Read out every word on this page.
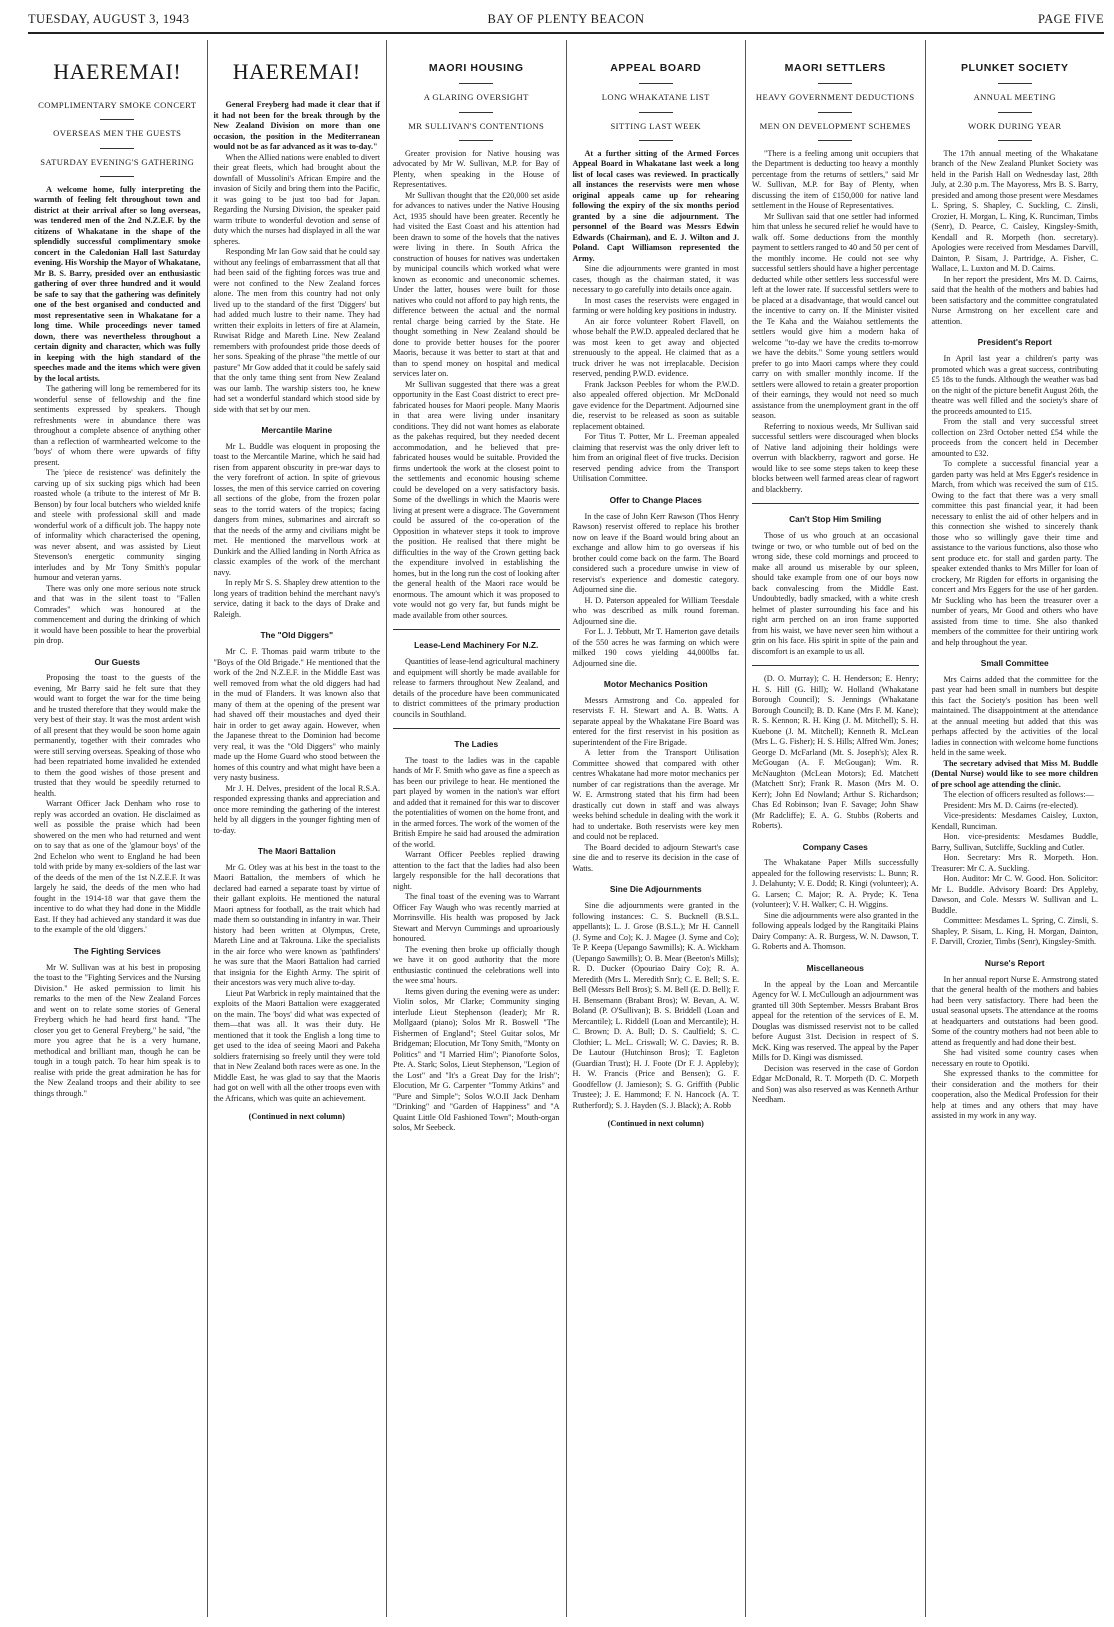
TUESDAY, AUGUST 3, 1943	BAY OF PLENTY BEACON	PAGE FIVE
HAEREMAI!
COMPLIMENTARY SMOKE CONCERT
OVERSEAS MEN THE GUESTS
SATURDAY EVENING'S GATHERING

A welcome home, fully interpreting the warmth of feeling felt throughout town and district at their arrival after so long overseas, was tendered men of the 2nd N.Z.E.F. by the citizens of Whakatane in the shape of the splendidly successful complimentary smoke concert in the Caledonian Hall last Saturday evening. His Worship the Mayor of Whakatane, Mr B. S. Barry, presided over an enthusiastic gathering of over three hundred and it would be safe to say that the gathering was definitely one of the best organised and conducted and most representative seen in Whakatane for a long time. While proceedings never tamed down, there was nevertheless throughout a certain dignity and character, which was fully in keeping with the high standard of the speeches made and the items which were given by the local artists.

The gathering will long be remembered for its wonderful sense of fellowship and the fine sentiments expressed by speakers. Though refreshments were in abundance there was throughout a complete absence of anything other than a reflection of warmhearted welcome to the 'boys' of whom there were upwards of fifty present.

The 'piece de resistence' was definitely the carving up of six sucking pigs which had been roasted whole (a tribute to the interest of Mr B. Benson) by four local butchers who wielded knife and steele with professional skill and made wonderful work of a difficult job. The happy note of informality which characterised the opening, was never absent, and was assisted by Lieut Stevenson's energetic community singing interludes and by Mr Tony Smith's popular humour and veteran yarns.

There was only one more serious note struck and that was in the silent toast to "Fallen Comrades" which was honoured at the commencement and during the drinking of which it would have been possible to hear the proverbial pin drop.

Our Guests

Proposing the toast to the guests of the evening, Mr Barry said he felt sure that they would want to forget the war for the time being and he trusted therefore that they would make the very best of their stay. It was the most ardent wish of all present that they would be soon home again permanently, together with their comrades who were still serving overseas. Speaking of those who had been repatriated home invalided he extended to them the good wishes of those present and trusted that they would be speedily returned to health.

Warrant Officer Jack Denham who rose to reply was accorded an ovation. He disclaimed as well as possible the praise which had been showered on the men who had returned and went on to say that as one of the 'glamour boys' of the 2nd Echelon who went to England he had been told with pride by many ex-soldiers of the last war of the deeds of the men of the 1st N.Z.E.F. It was largely he said, the deeds of the men who had fought in the 1914-18 war that gave them the incentive to do what they had done in the Middle East. If they had achieved any standard it was due to the example of the old 'diggers.'

The Fighting Services

Mr W. Sullivan was at his best in proposing the toast to the "Fighting Services and the Nursing Division." He asked permission to limit his remarks to the men of the New Zealand Forces and went on to relate some stories of General Freyberg which he had heard first hand. "The closer you get to General Freyberg," he said, "the more you agree that he is a very humane, methodical and brilliant man, though he can be tough in a tough patch. To hear him speak is to realise with pride the great admiration he has for the New Zealand troops and their ability to see things through."

HAEREMAI!

General Freyberg had made it clear that if it had not been for the break through by the New Zealand Division on more than one occasion, the position in the Mediterranean would not be as far advanced as it was to-day."

When the Allied nations were enabled to divert their great fleets, which had brought about the downfall of Mussolini's African Empire and the invasion of Sicily and bring them into the Pacific, it was going to be just too bad for Japan. Regarding the Nursing Division, the speaker paid warm tribute to wonderful devotion and sense of duty which the nurses had displayed in all the war spheres.

Responding Mr Ian Gow said that he could say without any feelings of embarrassment that all that had been said of the fighting forces was true and were not confined to the New Zealand forces alone. The men from this country had not only lived up to the standard of the first 'Diggers' but had added much lustre to their name. They had written their exploits in letters of fire at Alamein, Ruwisat Ridge and Mareth Line. New Zealand remembers with profoundest pride those deeds of her sons. Speaking of the phrase "the mettle of our pasture" Mr Gow added that it could be safely said that the only tame thing sent from New Zealand was our lamb. The warship sisters too, he knew had set a wonderful standard which stood side by side with that set by our men.

Mercantile Marine

Mr L. Buddle was eloquent in proposing the toast to the Mercantile Marine, which he said had risen from apparent obscurity in pre-war days to the very forefront of action. In spite of grievous losses, the men of this service carried on covering all sections of the globe, from the frozen polar seas to the torrid waters of the tropics; facing dangers from mines, submarines and aircraft so that the needs of the army and civilians might be met. He mentioned the marvellous work at Dunkirk and the Allied landing in North Africa as classic examples of the work of the merchant navy.

In reply Mr S. S. Shapley drew attention to the long years of tradition behind the merchant navy's service, dating it back to the days of Drake and Raleigh.

The "Old Diggers"

Mr C. F. Thomas paid warm tribute to the "Boys of the Old Brigade." He mentioned that the work of the 2nd N.Z.E.F. in the Middle East was well removed from what the old diggers had had in the mud of Flanders. It was known also that many of them at the opening of the present war had shaved off their moustaches and dyed their hair in order to get away again. However, when the Japanese threat to the Dominion had become very real, it was the "Old Diggers" who mainly made up the Home Guard who stood between the homes of this country and what might have been a very nasty business.

Mr J. H. Delves, president of the local R.S.A. responded expressing thanks and appreciation and once more reminding the gathering of the interest held by all diggers in the younger fighting men of to-day.

The Maori Battalion

Mr G. Otley was at his best in the toast to the Maori Battalion, the members of which he declared had earned a separate toast by virtue of their gallant exploits. He mentioned the natural Maori aptness for football, as the trait which had made them so outstanding in infantry in war. Their history had been written at Olympus, Crete, Mareth Line and at Takrouna. Like the specialists in the air force who were known as 'pathfinders' he was sure that the Maori Battalion had carried that insignia for the Eighth Army. The spirit of their ancestors was very much alive to-day.

Lieut Pat Warbrick in reply maintained that the exploits of the Maori Battalion were exaggerated on the main. The 'boys' did what was expected of them—that was all. It was their duty. He mentioned that it took the English a long time to get used to the idea of seeing Maori and Pakeha soldiers fraternising so freely until they were told that in New Zealand both races were as one. In the Middle East, he was glad to say that the Maoris had got on well with all the other troops even with the Africans, which was quite an achievement.

(Continued in next column)
MAORI HOUSING
A GLARING OVERSIGHT
MR SULLIVAN'S CONTENTIONS

Greater provision for Native housing was advocated by Mr W. Sullivan, M.P. for Bay of Plenty, when speaking in the House of Representatives.

Mr Sullivan thought that the £20,000 set aside for advances to natives under the Native Housing Act, 1935 should have been greater. Recently he had visited the East Coast and his attention had been drawn to some of the hovels that the natives were living in there. In South Africa the construction of houses for natives was undertaken by municipal councils which worked what were known as economic and uneconomic schemes. Under the latter, houses were built for those natives who could not afford to pay high rents, the difference between the actual and the normal rental charge being carried by the State. He thought something in New Zealand should be done to provide better houses for the poorer Maoris, because it was better to start at that and than to spend money on hospital and medical services later on.

Mr Sullivan suggested that there was a great opportunity in the East Coast district to erect pre-fabricated houses for Maori people. Many Maoris in that area were living under insanitary conditions. They did not want homes as elaborate as the pakehas required, but they needed decent accommodation, and he believed that pre-fabricated houses would be suitable. Provided the firms undertook the work at the closest point to the settlements and economic housing scheme could be developed on a very satisfactory basis. Some of the dwellings in which the Maoris were living at present were a disgrace. The Government could be assured of the co-operation of the Opposition in whatever steps it took to improve the position. He realised that there might be difficulties in the way of the Crown getting back the expenditure involved in establishing the homes, but in the long run the cost of looking after the general health of the Maori race would be enormous. The amount which it was proposed to vote would not go very far, but funds might be made available from other sources.

Lease-Lend Machinery For N.Z.

Quantities of lease-lend agricultural machinery and equipment will shortly be made available for release to farmers throughout New Zealand, and details of the procedure have been communicated to district committees of the primary production councils in Southland.

The Ladies

The toast to the ladies was in the capable hands of Mr F. Smith who gave as fine a speech as has been our privilege to hear. He mentioned the part played by women in the nation's war effort and added that it remained for this war to discover the potentialities of women on the home front, and in the armed forces. The work of the women of the British Empire he said had aroused the admiration of the world.

Warrant Officer Peebles replied drawing attention to the fact that the ladies had also been largely responsible for the hall decorations that night.

The final toast of the evening was to Warrant Officer Fay Waugh who was recently married at Morrinsville. His health was proposed by Jack Stewart and Mervyn Cummings and uproariously honoured.

The evening then broke up officially though we have it on good authority that the more enthusiastic continued the celebrations well into the wee sma' hours.

Items given during the evening were as under: Violin solos, Mr Clarke; Community singing interlude Lieut Stephenson (leader); Mr R. Mollgaard (piano); Solos Mr R. Boswell "The Fishermen of England"; Steel Guitar solos, Mr Bridgeman; Elocution, Mr Tony Smith, "Monty on Politics" and "I Married Him"; Pianoforte Solos, Pte. A. Stark; Solos, Lieut Stephenson, "Legion of the Lost" and "It's a Great Day for the Irish"; Elocution, Mr G. Carpenter "Tommy Atkins" and "Pure and Simple"; Solos W.O.II Jack Denham "Drinking" and "Garden of Happiness" and "A Quaint Little Old Fashioned Town"; Mouth-organ solos, Mr Seebeck.

APPEAL BOARD
LONG WHAKATANE LIST
SITTING LAST WEEK

At a further sitting of the Armed Forces Appeal Board in Whakatane last week a long list of local cases was reviewed. In practically all instances the reservists were men whose original appeals came up for rehearing following the expiry of the six months period granted by a sine die adjournment. The personnel of the Board was Messrs Edwin Edwards (Chairman), and E. J. Wilton and J. Poland. Capt Williamson represented the Army.

Sine die adjournments were granted in most cases, though as the chairman stated, it was necessary to go carefully into details once again.

In most cases the reservists were engaged in farming or were holding key positions in industry.

An air force volunteer Robert Flavell, on whose behalf the P.W.D. appealed declared that he was most keen to get away and objected strenuously to the appeal. He claimed that as a truck driver he was not irreplacable. Decision reserved, pending P.W.D. evidence.

Frank Jackson Peebles for whom the P.W.D. also appealed offered objection. Mr McDonald gave evidence for the Department. Adjourned sine die, reservist to be released as soon as suitable replacement obtained.

For Titus T. Potter, Mr L. Freeman appealed claiming that reservist was the only driver left to him from an original fleet of five trucks. Decision reserved pending advice from the Transport Utilisation Committee.

Offer to Change Places

In the case of John Kerr Rawson (Thos Henry Rawson) reservist offered to replace his brother now on leave if the Board would bring about an exchange and allow him to go overseas if his brother could come back on the farm. The Board considered such a procedure unwise in view of reservist's experience and domestic category. Adjourned sine die.

H. D. Paterson appealed for William Teesdale who was described as milk round foreman. Adjourned sine die.

For L. J. Tebbutt, Mr T. Hamerton gave details of the 550 acres he was farming on which were milked 190 cows yielding 44,000lbs fat. Adjourned sine die.

Motor Mechanics Position

Messrs Armstrong and Co. appealed for reservists F. H. Stewart and A. B. Watts. A separate appeal by the Whakatane Fire Board was entered for the first reservist in his position as superintendent of the Fire Brigade.

A letter from the Transport Utilisation Committee showed that compared with other centres Whakatane had more motor mechanics per number of car registrations than the average. Mr W. E. Armstrong stated that his firm had been drastically cut down in staff and was always weeks behind schedule in dealing with the work it had to undertake. Both reservists were key men and could not be replaced.

The Board decided to adjourn Stewart's case sine die and to reserve its decision in the case of Watts.

Sine Die Adjournments

Sine die adjournments were granted in the following instances: C. S. Bucknell (B.S.L. appellants); L. J. Grose (B.S.L.); Mr H. Cannell (J. Syme and Co); K. J. Magee (J. Syme and Co); Te P. Keepa (Uepango Sawmills); K. A. Wickham (Uepango Sawmills); O. B. Mear (Beeton's Mills); R. D. Ducker (Opouriao Dairy Co); R. A. Meredith (Mrs L. Meredith Snr); C. E. Bell; S. E. Bell (Messrs Bell Bros); S. M. Bell (E. D. Bell); F. H. Bensemann (Brabant Bros); W. Bevan, A. W. Boland (P. O'Sullivan); B. S. Briddell (Loan and Mercantile); L. Riddell (Loan and Mercantile); H. C. Brown; D. A. Bull; D. S. Caulfield; S. C. Clothier; L. McL. Criswall; W. C. Davies; R. B. De Lautour (Hutchinson Bros); T. Eagleton (Guardian Trust); H. J. Foote (Dr F. J. Appleby); H. W. Francis (Price and Bensen); G. F. Goodfellow (J. Jamieson); S. G. Griffith (Public Trustee); J. E. Hammond; F. N. Hancock (A. T. Rutherford); S. J. Hayden (S. J. Black); A. Robb

(Continued in next column)
MAORI SETTLERS
HEAVY GOVERNMENT DEDUCTIONS
MEN ON DEVELOPMENT SCHEMES

"There is a feeling among unit occupiers that the Department is deducting too heavy a monthly percentage from the returns of settlers," said Mr W. Sullivan, M.P. for Bay of Plenty, when discussing the item of £150,000 for native land settlement in the House of Representatives.

Mr Sullivan said that one settler had informed him that unless he secured relief he would have to walk off. Some deductions from the monthly payment to settlers ranged to 40 and 50 per cent of the monthly income. He could not see why successful settlers should have a higher percentage deducted while other settlers less successful were left at the lower rate. If successful settlers were to be placed at a disadvantage, that would cancel out the incentive to carry on. If the Minister visited the Te Kaha and the Waiahou settlements the settlers would give him a modern haka of welcome "to-day we have the credits to-morrow we have the debits." Some young settlers would prefer to go into Maori camps where they could carry on with smaller monthly income. If the settlers were allowed to retain a greater proportion of their earnings, they would not need so much assistance from the unemployment grant in the off season.

Referring to noxious weeds, Mr Sullivan said successful settlers were discouraged when blocks of Native land adjoining their holdings were overrun with blackberry, ragwort and gorse. He would like to see some steps taken to keep these blocks between well farmed areas clear of ragwort and blackberry.

Can't Stop Him Smiling

Those of us who grouch at an occasional twinge or two, or who tumble out of bed on the wrong side, these cold mornings and proceed to make all around us miserable by our spleen, should take example from one of our boys now back convalescing from the Middle East. Undoubtedly, badly smacked, with a white cresh helmet of plaster surrounding his face and his right arm perched on an iron frame supported from his waist, we have never seen him without a grin on his face. His spirit in spite of the pain and discomfort is an example to us all.

(D. O. Murray); C. H. Henderson; E. Henry; H. S. Hill (G. Hill); W. Holland (Whakatane Borough Council); S. Jennings (Whakatane Borough Council); B. D. Kane (Mrs F. M. Kane); R. S. Kennon; R. H. King (J. M. Mitchell); S. H. Kuebone (J. M. Mitchell); Kenneth R. McLean (Mrs L. G. Fisher); H. S. Hills; Alfred Wm. Jones; George D. McFarland (Mt. S. Joseph's); Alex R. McGougan (A. F. McGougan); Wm. R. McNaughton (McLean Motors); Ed. Matchett (Matchett Snr); Frank R. Mason (Mrs M. O. Kerr); John Ed Nowland; Arthur S. Richardson; Chas Ed Robinson; Ivan F. Savage; John Shaw (Mr Radcliffe); E. A. G. Stubbs (Roberts and Roberts).

Company Cases

The Whakatane Paper Mills successfully appealed for the following reservists: L. Bunn; R. J. Delahunty; V. E. Dodd; R. Kingi (volunteer); A. G. Larsen; C. Major; R. A. Pryde; K. Tena (volunteer); V. H. Walker; C. H. Wiggins.

Sine die adjournments were also granted in the following appeals lodged by the Rangitaiki Plains Dairy Company: A. R. Burgess, W. N. Dawson, T. G. Roberts and A. Thomson.

Miscellaneous

In the appeal by the Loan and Mercantile Agency for W. I. McCullough an adjournment was granted till 30th September. Messrs Brabant Bros appeal for the retention of the services of E. M. Douglas was dismissed reservist not to be called before August 31st. Decision in respect of S. McK. King was reserved. The appeal by the Paper Mills for D. Kingi was dismissed.

Decision was reserved in the case of Gordon Edgar McDonald, R. T. Morpeth (D. C. Morpeth and Son) was also reserved as was Kenneth Arthur Needham.

PLUNKET SOCIETY
ANNUAL MEETING
WORK DURING YEAR

The 17th annual meeting of the Whakatane branch of the New Zealand Plunket Society was held in the Parish Hall on Wednesday last, 28th July, at 2.30 p.m. The Mayoress, Mrs B. S. Barry, presided and among those present were Mesdames L. Spring, S. Shapley, C. Suckling, C. Zinsli, Crozier, H. Morgan, L. King, K. Runciman, Timbs (Senr), D. Pearce, C. Caisley, Kingsley-Smith, Kendall and R. Morpeth (hon. secretary). Apologies were received from Mesdames Darvill, Dainton, P. Sisam, J. Partridge, A. Fisher, C. Wallace, L. Luxton and M. D. Cairns.

In her report the president, Mrs M. D. Cairns, said that the health of the mothers and babies had been satisfactory and the committee congratulated Nurse Armstrong on her excellent care and attention.

President's Report

In April last year a children's party was promoted which was a great success, contributing £5 18s to the funds. Although the weather was bad on the night of the picture benefit August 26th, the theatre was well filled and the society's share of the proceeds amounted to £15.

From the stall and very successful street collection on 23rd October netted £54 while the proceeds from the concert held in December amounted to £32.

To complete a successful financial year a garden party was held at Mrs Egger's residence in March, from which was received the sum of £15. Owing to the fact that there was a very small committee this past financial year, it had been necessary to enlist the aid of other helpers and in this connection she wished to sincerely thank those who so willingly gave their time and assistance to the various functions, also those who sent produce etc. for stall and garden party. The speaker extended thanks to Mrs Miller for loan of crockery, Mr Rigden for efforts in organising the concert and Mrs Eggers for the use of her garden. Mr Suckling who has been the treasurer over a number of years, Mr Good and others who have assisted from time to time. She also thanked members of the committee for their untiring work and help throughout the year.

Small Committee

Mrs Cairns added that the committee for the past year had been small in numbers but despite this fact the Society's position has been well maintained. The disappointment at the attendance at the annual meeting but added that this was perhaps affected by the activities of the local ladies in connection with welcome home functions held in the same week.

The secretary advised that Miss M. Buddle (Dental Nurse) would like to see more children of pre school age attending the clinic.

The election of officers resulted as follows:—

President: Mrs M. D. Cairns (re-elected).

Vice-presidents: Mesdames Caisley, Luxton, Kendall, Runciman.

Hon. vice-presidents: Mesdames Buddle, Barry, Sullivan, Sutcliffe, Suckling and Cutler.

Hon. Secretary: Mrs R. Morpeth. Hon. Treasurer: Mr C. A. Suckling.

Hon. Auditor: Mr C. W. Good. Hon. Solicitor: Mr L. Buddle. Advisory Board: Drs Appleby, Dawson, and Cole. Messrs W. Sullivan and L. Buddle.

Committee: Mesdames L. Spring, C. Zinsli, S. Shapley, P. Sisam, L. King, H. Morgan, Dainton, F. Darvill, Crozier, Timbs (Senr), Kingsley-Smith.

Nurse's Report

In her annual report Nurse E. Armstrong stated that the general health of the mothers and babies had been very satisfactory. There had been the usual seasonal upsets. The attendance at the rooms at headquarters and outstations had been good. Some of the country mothers had not been able to attend as frequently and had done their best.

She had visited some country cases when necessary en route to Opotiki.

She expressed thanks to the committee for their consideration and the mothers for their cooperation, also the Medical Profession for their help at times and any others that may have assisted in my work in any way.
